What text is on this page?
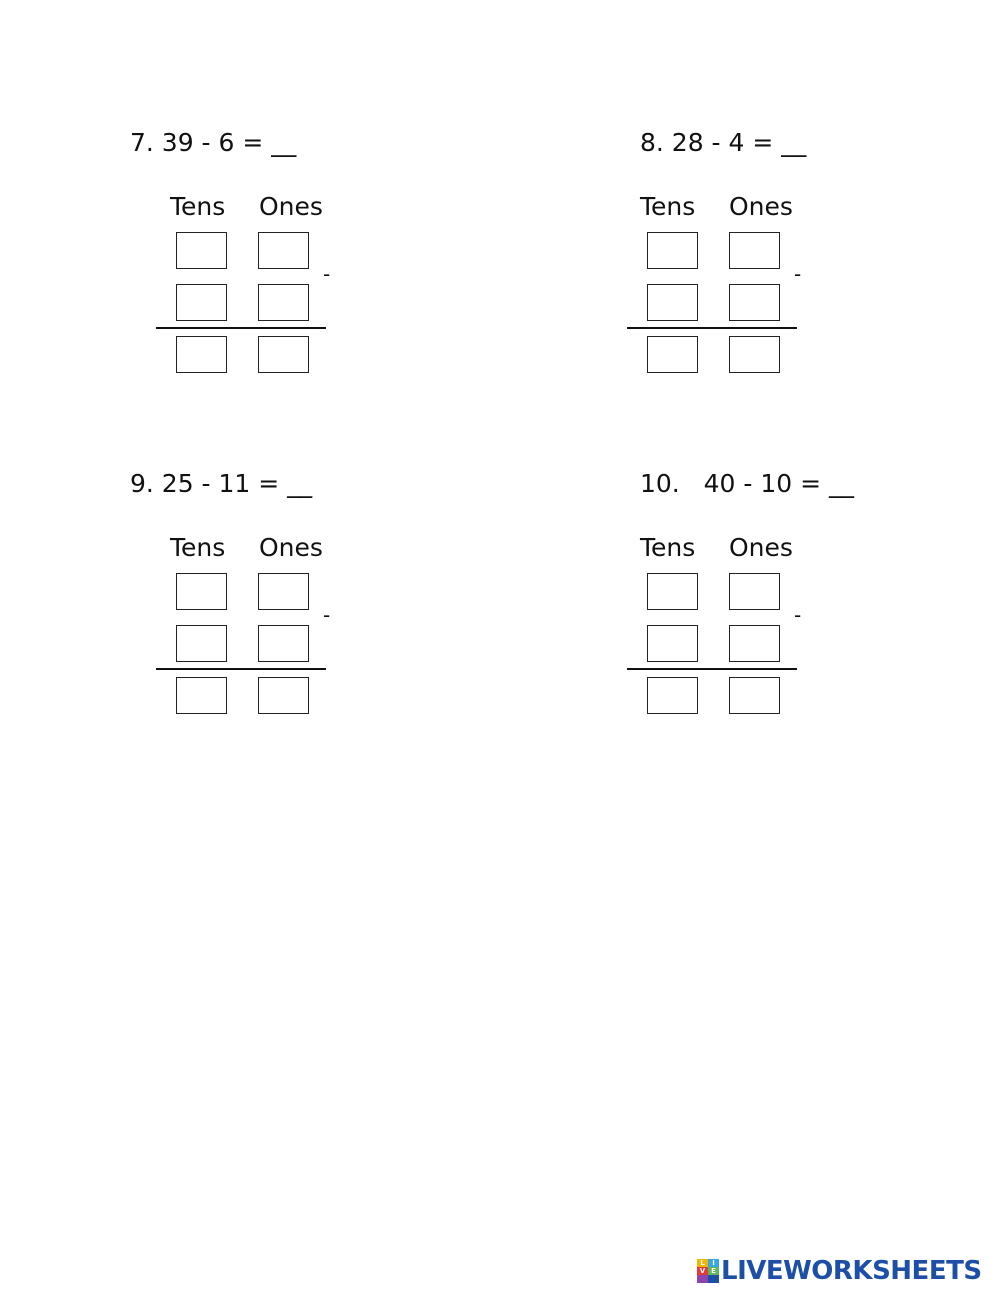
7. 39 - 6 = __
Tens Ones
-
8. 28 - 4 = __
Tens Ones
-
9. 25 - 11 = __
Tens Ones
-
10.   40 - 10 = __
Tens Ones
-
L	I
V E LIVEWORKSHEETS
